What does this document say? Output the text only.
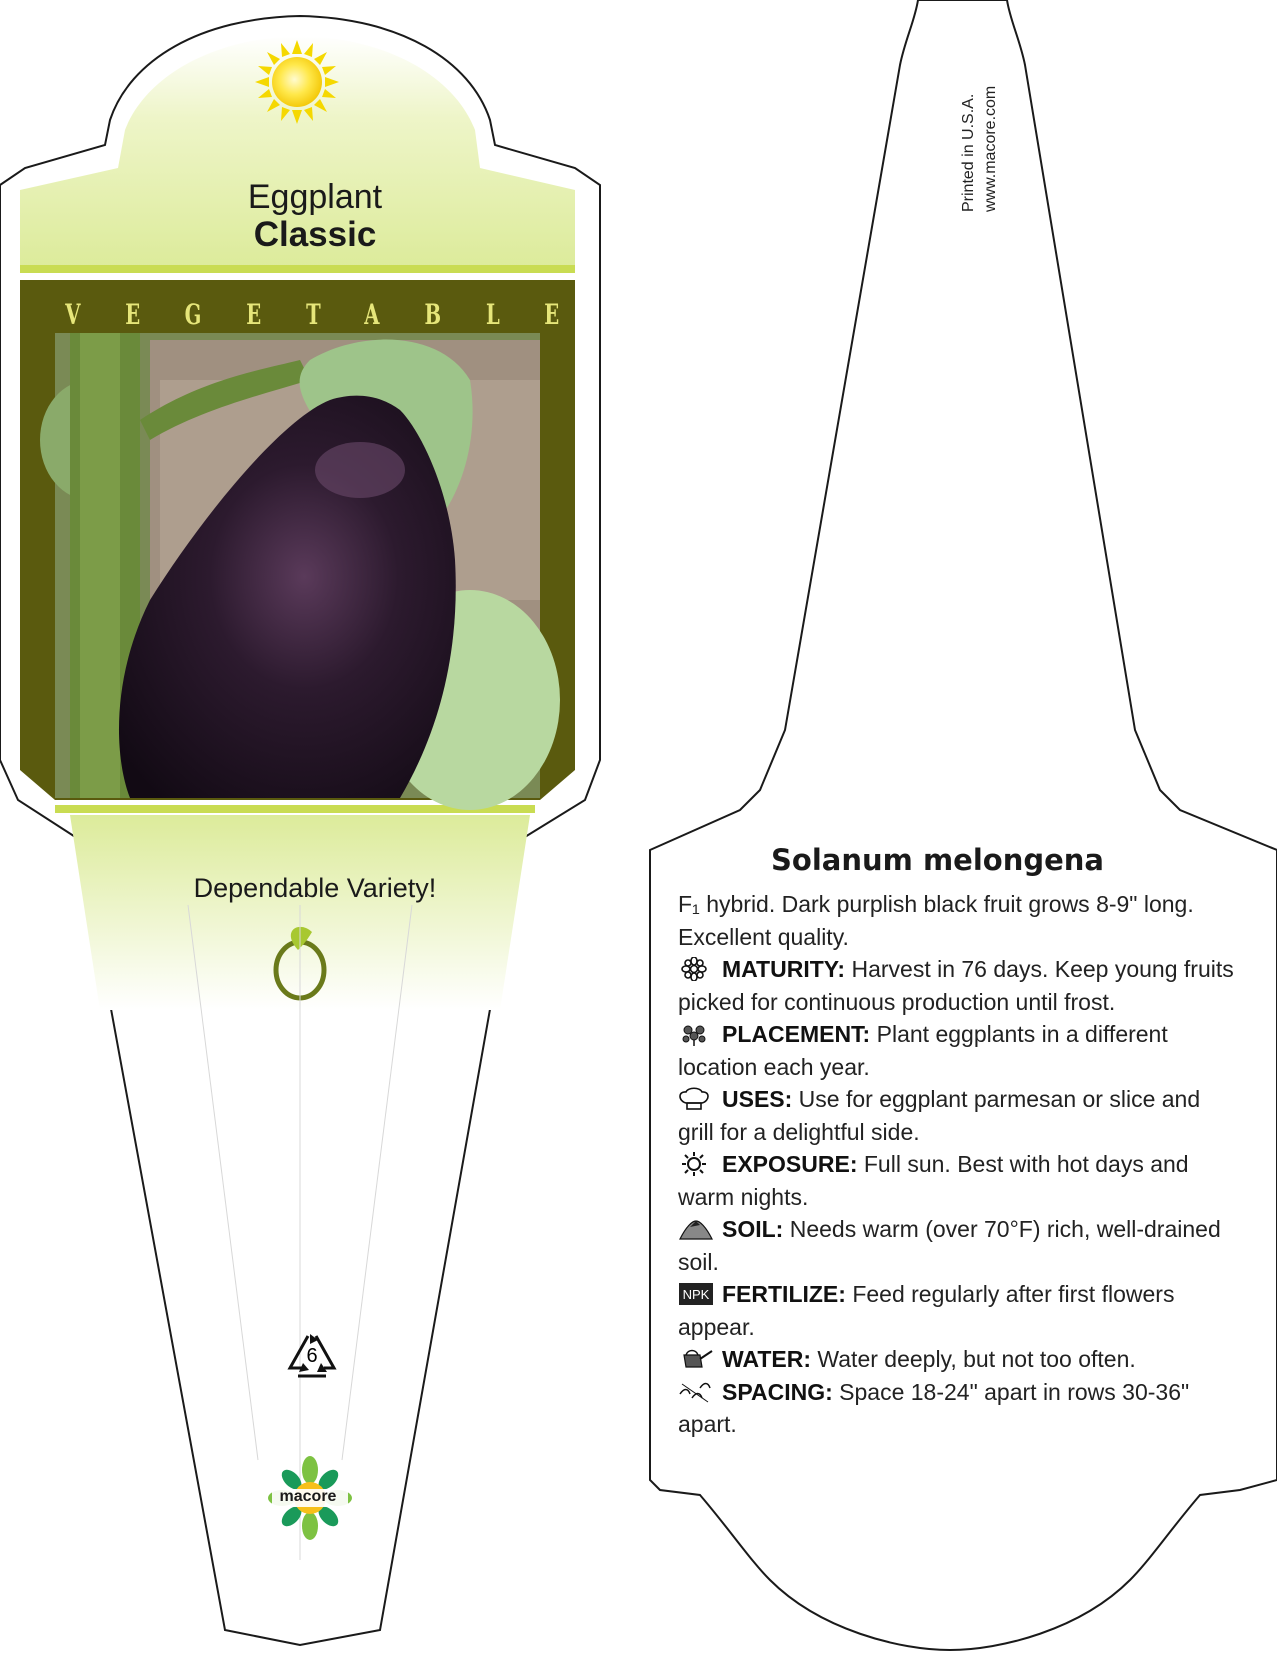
Eggplant
Classic
V E G E T A B L E
Dependable Variety!
6
macore
Printed in U.S.A. www.macore.com
Solanum melongena

F₁ hybrid. Dark purplish black fruit grows 8-9" long. Excellent quality.

MATURITY: Harvest in 76 days. Keep young fruits picked for continuous production until frost.

PLACEMENT: Plant eggplants in a different location each year.

USES: Use for eggplant parmesan or slice and grill for a delightful side.

EXPOSURE: Full sun. Best with hot days and warm nights.

SOIL: Needs warm (over 70°F) rich, well-drained soil.

NPK FERTILIZE: Feed regularly after first flowers appear.

WATER: Water deeply, but not too often.

SPACING: Space 18-24" apart in rows 30-36" apart.
